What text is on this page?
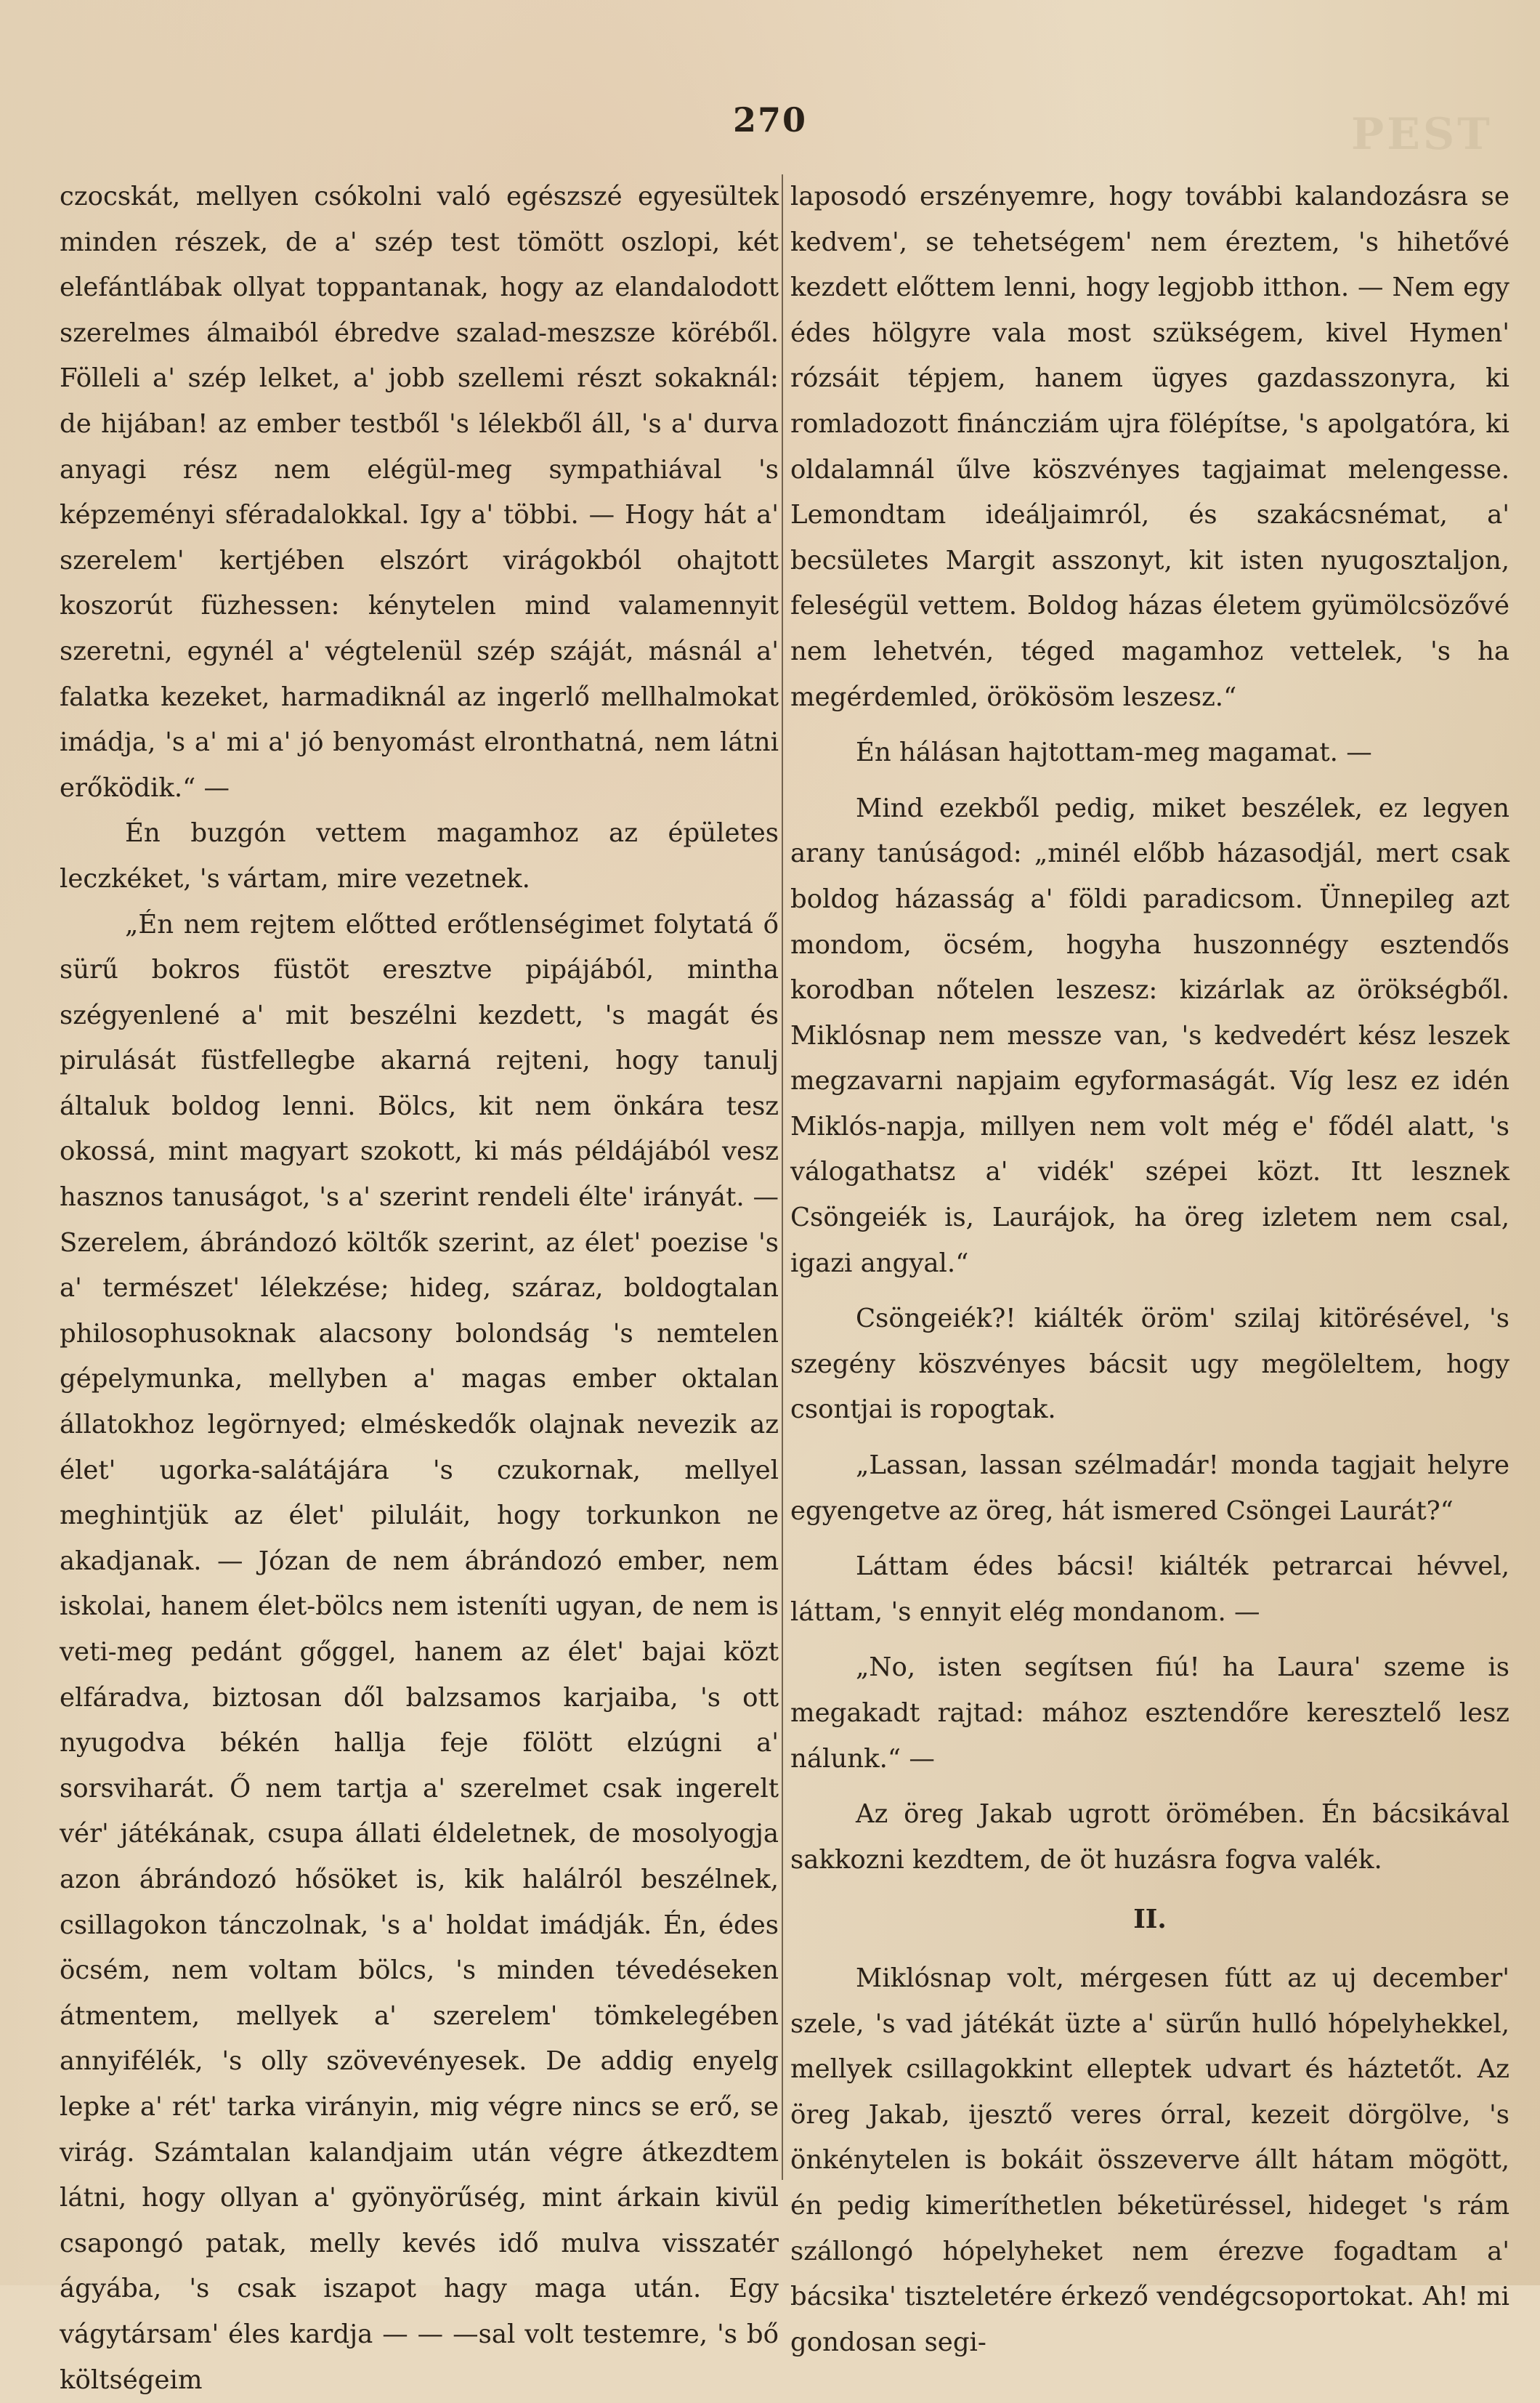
PEST
270

czocskát, mellyen csókolni való egészszé egyesültek minden részek, de a' szép test tömött oszlopi, két elefántlábak ollyat toppantanak, hogy az elandalodott szerelmes álmaiból ébredve szalad-meszsze köréből. Fölleli a' szép lelket, a' jobb szellemi részt sokaknál: de hijában! az ember testből 's lélekből áll, 's a' durva anyagi rész nem elégül-meg sympathiával 's képzeményi sféradalokkal. Igy a' többi. — Hogy hát a' szerelem' kertjében elszórt virágokból ohajtott koszorút füzhessen: kénytelen mind valamennyit szeretni, egynél a' végtelenül szép száját, másnál a' falatka kezeket, harmadiknál az ingerlő mellhalmokat imádja, 's a' mi a' jó benyomást elronthatná, nem látni erőködik.“ —

Én buzgón vettem magamhoz az épületes leczkéket, 's vártam, mire vezetnek.

„Én nem rejtem előtted erőtlenségimet folytatá ő sürű bokros füstöt eresztve pipájából, mintha szégyenlené a' mit beszélni kezdett, 's magát és pirulását füstfellegbe akarná rejteni, hogy tanulj általuk boldog lenni. Bölcs, kit nem önkára tesz okossá, mint magyart szokott, ki más példájából vesz hasznos tanuságot, 's a' szerint rendeli élte' irányát. — Szerelem, ábrándozó költők szerint, az élet' poezise 's a' természet' lélekzése; hideg, száraz, boldogtalan philosophusoknak alacsony bolondság 's nemtelen gépelymunka, mellyben a' magas ember oktalan állatokhoz legörnyed; elméskedők olajnak nevezik az élet' ugorka-salátájára 's czukornak, mellyel meghintjük az élet' piluláit, hogy torkunkon ne akadjanak. — Józan de nem ábrándozó ember, nem iskolai, hanem élet-bölcs nem isteníti ugyan, de nem is veti-meg pedánt gőggel, hanem az élet' bajai közt elfáradva, biztosan dől balzsamos karjaiba, 's ott nyugodva békén hallja feje fölött elzúgni a' sorsviharát. Ő nem tartja a' szerelmet csak ingerelt vér' játékának, csupa állati éldeletnek, de mosolyogja azon ábrándozó hősöket is, kik halálról beszélnek, csillagokon tánczolnak, 's a' holdat imádják. Én, édes öcsém, nem voltam bölcs, 's minden tévedéseken átmentem, mellyek a' szerelem' tömkelegében annyifélék, 's olly szövevényesek. De addig enyelg lepke a' rét' tarka virányin, mig végre nincs se erő, se virág. Számtalan kalandjaim után végre átkezdtem látni, hogy ollyan a' gyönyörűség, mint árkain kivül csapongó patak, melly kevés idő mulva visszatér ágyába, 's csak iszapot hagy maga után. Egy vágytársam' éles kardja — — —sal volt testemre, 's bő költségeim

laposodó erszényemre, hogy további kalandozásra se kedvem', se tehetségem' nem éreztem, 's hihetővé kezdett előttem lenni, hogy legjobb itthon. — Nem egy édes hölgyre vala most szükségem, kivel Hymen' rózsáit tépjem, hanem ügyes gazdasszonyra, ki romladozott fináncziám ujra fölépítse, 's apolgatóra, ki oldalamnál űlve köszvényes tagjaimat melengesse. Lemondtam ideáljaimról, és szakácsnémat, a' becsületes Margit asszonyt, kit isten nyugosztaljon, feleségül vettem. Boldog házas életem gyümölcsözővé nem lehetvén, téged magamhoz vettelek, 's ha megérdemled, örökösöm leszesz.“

Én hálásan hajtottam-meg magamat. —

Mind ezekből pedig, miket beszélek, ez legyen arany tanúságod: „minél előbb házasodjál, mert csak boldog házasság a' földi paradicsom. Ünnepileg azt mondom, öcsém, hogyha huszonnégy esztendős korodban nőtelen leszesz: kizárlak az örökségből. Miklósnap nem messze van, 's kedvedért kész leszek megzavarni napjaim egyformaságát. Víg lesz ez idén Miklós-napja, millyen nem volt még e' fődél alatt, 's válogathatsz a' vidék' szépei közt. Itt lesznek Csöngeiék is, Laurájok, ha öreg izletem nem csal, igazi angyal.“

Csöngeiék?! kiálték öröm' szilaj kitörésével, 's szegény köszvényes bácsit ugy megöleltem, hogy csontjai is ropogtak.

„Lassan, lassan szélmadár! monda tagjait helyre egyengetve az öreg, hát ismered Csöngei Laurát?“

Láttam édes bácsi! kiálték petrarcai hévvel, láttam, 's ennyit elég mondanom. —

„No, isten segítsen fiú! ha Laura' szeme is megakadt rajtad: mához esztendőre keresztelő lesz nálunk.“ —

Az öreg Jakab ugrott örömében. Én bácsikával sakkozni kezdtem, de öt huzásra fogva valék.

II.

Miklósnap volt, mérgesen fútt az uj december' szele, 's vad játékát üzte a' sürűn hulló hópelyhekkel, mellyek csillagokkint elleptek udvart és háztetőt. Az öreg Jakab, ijesztő veres órral, kezeit dörgölve, 's önkénytelen is bokáit összeverve állt hátam mögött, én pedig kimeríthetlen béketüréssel, hideget 's rám szállongó hópelyheket nem érezve fogadtam a' bácsika' tiszteletére érkező vendégcsoportokat. Ah! mi gondosan segi-
